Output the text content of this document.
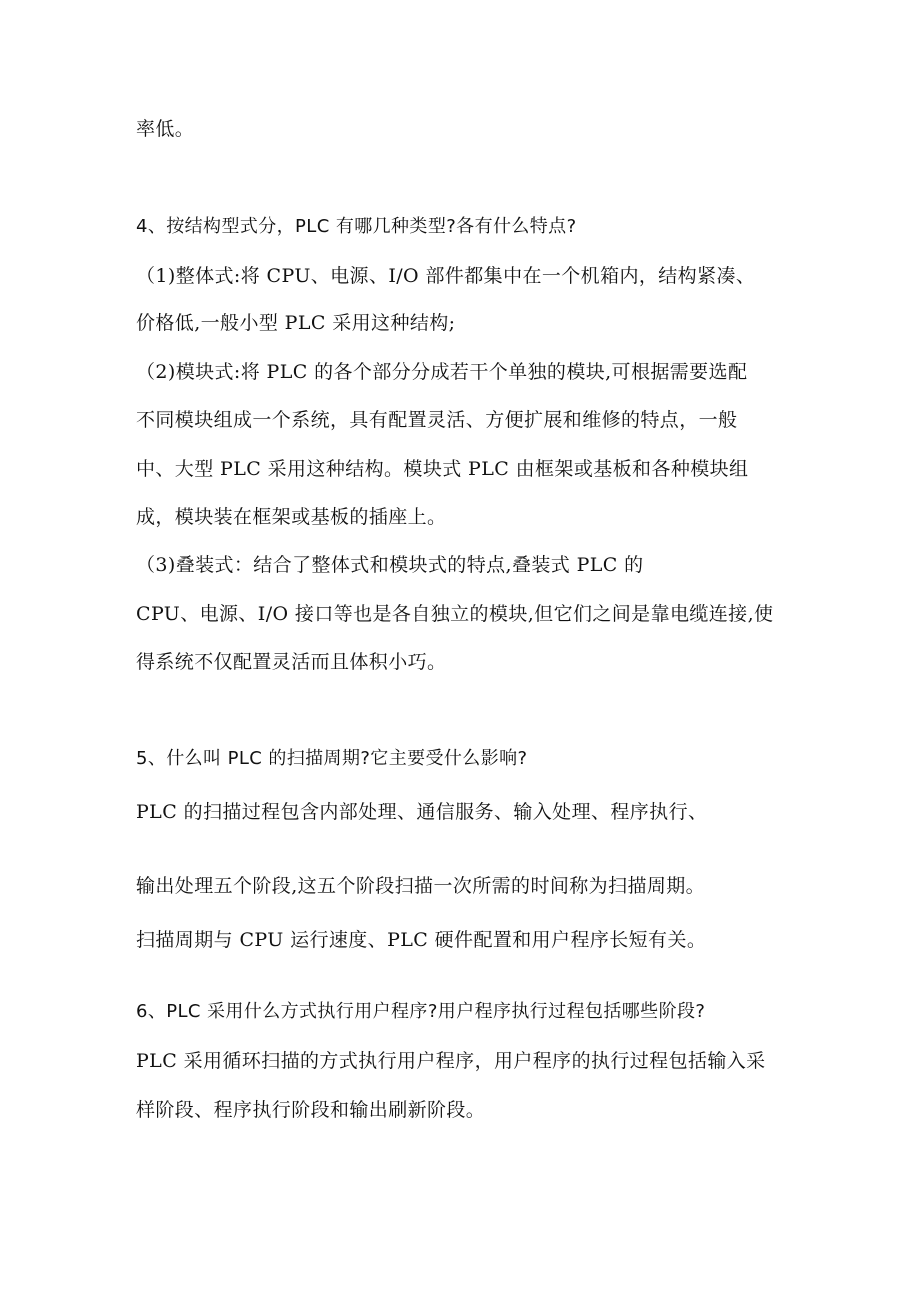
率低。
4、按结构型式分，PLC 有哪几种类型?各有什么特点?
（1)整体式:将 CPU、电源、I/O 部件都集中在一个机箱内，结构紧凑、
价格低,一般小型 PLC 采用这种结构;
（2)模块式:将 PLC 的各个部分分成若干个单独的模块,可根据需要选配
不同模块组成一个系统，具有配置灵活、方便扩展和维修的特点，一般
中、大型 PLC 采用这种结构。模块式 PLC 由框架或基板和各种模块组
成，模块装在框架或基板的插座上。
（3)叠装式：结合了整体式和模块式的特点,叠装式 PLC 的
CPU、电源、I/O 接口等也是各自独立的模块,但它们之间是靠电缆连接,使
得系统不仅配置灵活而且体积小巧。
5、什么叫 PLC 的扫描周期?它主要受什么影响?
PLC 的扫描过程包含内部处理、通信服务、输入处理、程序执行、
输出处理五个阶段,这五个阶段扫描一次所需的时间称为扫描周期。
扫描周期与 CPU 运行速度、PLC 硬件配置和用户程序长短有关。
6、PLC 采用什么方式执行用户程序?用户程序执行过程包括哪些阶段?
PLC 采用循环扫描的方式执行用户程序，用户程序的执行过程包括输入采
样阶段、程序执行阶段和输出刷新阶段。
